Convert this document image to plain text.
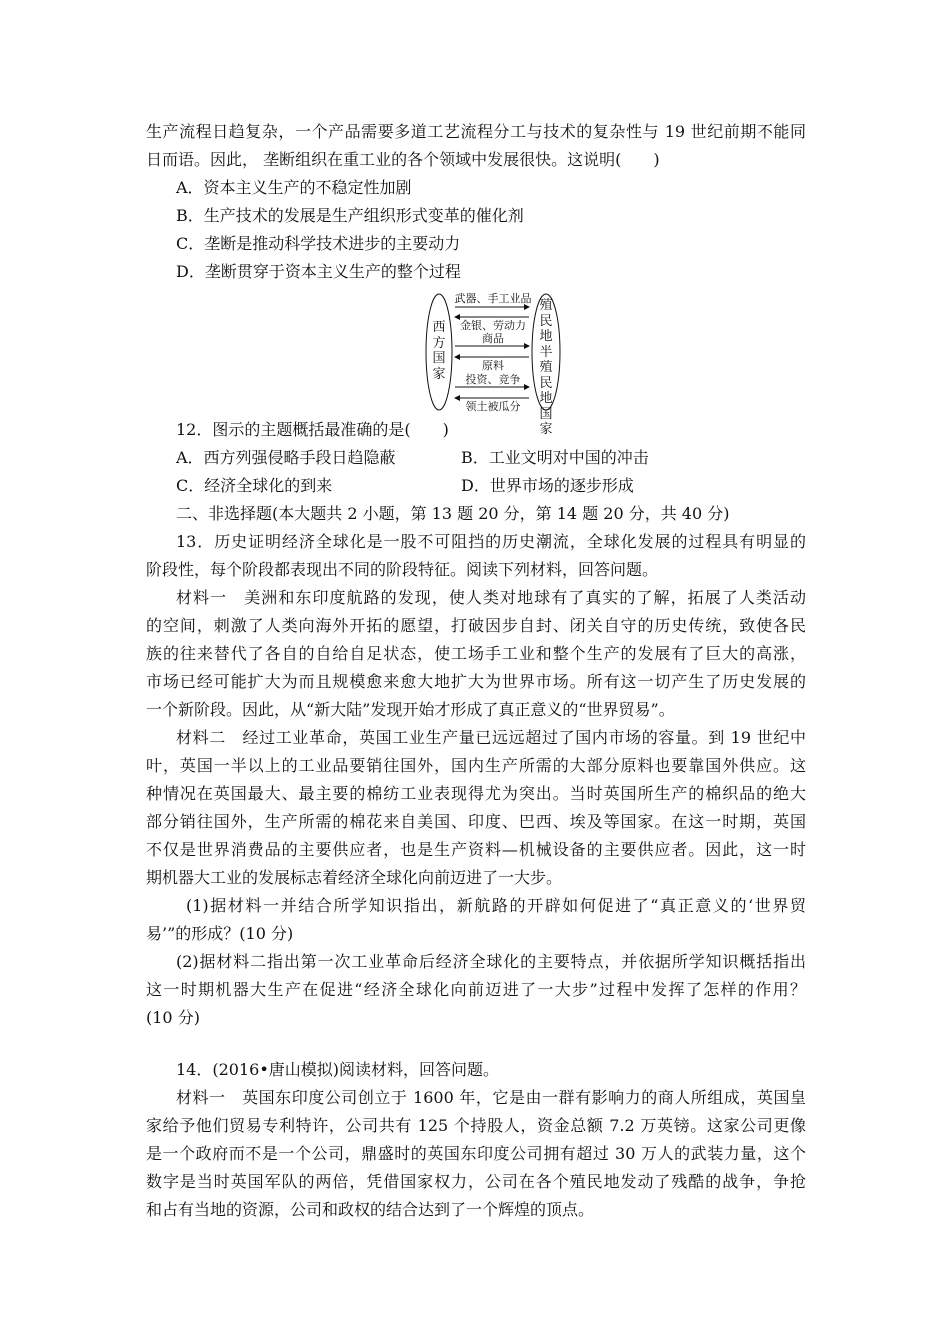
生产流程日趋复杂，一个产品需要多道工艺流程分工与技术的复杂性与 19 世纪前期不能同
日而语。因此， 垄断组织在重工业的各个领域中发展很快。这说明(　　)
A．资本主义生产的不稳定性加剧
B．生产技术的发展是生产组织形式变革的催化剂
C．垄断是推动科学技术进步的主要动力
D．垄断贯穿于资本主义生产的整个过程
西方国家
殖民地半殖民地国家
武器、手工业品
金银、劳动力
商品
原料
投资、竞争
领土被瓜分
12．图示的主题概括最准确的是(　　)
A．西方列强侵略手段日趋隐蔽	B．工业文明对中国的冲击
C．经济全球化的到来	D．世界市场的逐步形成
二、非选择题(本大题共 2 小题，第 13 题 20 分，第 14 题 20 分，共 40 分)
13．历史证明经济全球化是一股不可阻挡的历史潮流，全球化发展的过程具有明显的
阶段性，每个阶段都表现出不同的阶段特征。阅读下列材料，回答问题。
材料一　美洲和东印度航路的发现，使人类对地球有了真实的了解，拓展了人类活动
的空间，刺激了人类向海外开拓的愿望，打破因步自封、闭关自守的历史传统，致使各民
族的往来替代了各自的自给自足状态，使工场手工业和整个生产的发展有了巨大的高涨，
市场已经可能扩大为而且规模愈来愈大地扩大为世界市场。所有这一切产生了历史发展的
一个新阶段。因此，从“新大陆”发现开始才形成了真正意义的“世界贸易”。
材料二　经过工业革命，英国工业生产量已远远超过了国内市场的容量。到 19 世纪中
叶，英国一半以上的工业品要销往国外，国内生产所需的大部分原料也要靠国外供应。这
种情况在英国最大、最主要的棉纺工业表现得尤为突出。当时英国所生产的棉织品的绝大
部分销往国外，生产所需的棉花来自美国、印度、巴西、埃及等国家。在这一时期，英国
不仅是世界消费品的主要供应者，也是生产资料—机械设备的主要供应者。因此，这一时
期机器大工业的发展标志着经济全球化向前迈进了一大步。
(1)据材料一并结合所学知识指出，新航路的开辟如何促进了“真正意义的‘世界贸
易’”的形成？(10 分)
(2)据材料二指出第一次工业革命后经济全球化的主要特点，并依据所学知识概括指出
这一时期机器大生产在促进“经济全球化向前迈进了一大步”过程中发挥了怎样的作用？
(10 分)
14．(2016•唐山模拟)阅读材料，回答问题。
材料一　英国东印度公司创立于 1600 年，它是由一群有影响力的商人所组成，英国皇
家给予他们贸易专利特许，公司共有 125 个持股人，资金总额 7.2 万英镑。这家公司更像
是一个政府而不是一个公司，鼎盛时的英国东印度公司拥有超过 30 万人的武装力量，这个
数字是当时英国军队的两倍，凭借国家权力，公司在各个殖民地发动了残酷的战争，争抢
和占有当地的资源，公司和政权的结合达到了一个辉煌的顶点。
